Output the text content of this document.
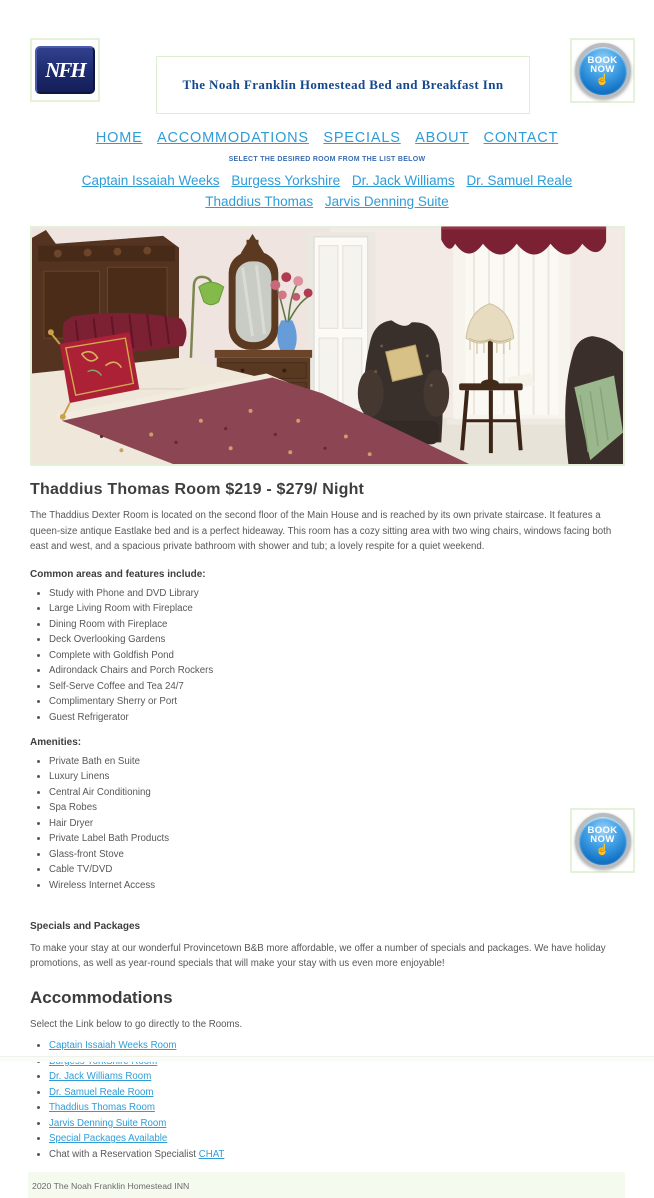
NFH
The Noah Franklin Homestead Bed and Breakfast Inn
BOOK
NOW
☝
HOME ACCOMMODATIONS SPECIALS ABOUT CONTACT
SELECT THE DESIRED ROOM FROM THE LIST BELOW
Captain Issaiah Weeks Burgess Yorkshire Dr. Jack Williams Dr. Samuel Reale Thaddius Thomas Jarvis Denning Suite
Thaddius Thomas Room $219 - $279/ Night

The Thaddius Dexter Room is located on the second floor of the Main House and is reached by its own private staircase. It features a queen-size antique Eastlake bed and is a perfect hideaway. This room has a cozy sitting area with two wing chairs, windows facing both east and west, and a spacious private bathroom with shower and tub; a lovely respite for a quiet weekend.

Common areas and features include:
• Study with Phone and DVD Library
• Large Living Room with Fireplace
• Dining Room with Fireplace
• Deck Overlooking Gardens
• Complete with Goldfish Pond
• Adirondack Chairs and Porch Rockers
• Self-Serve Coffee and Tea 24/7
• Complimentary Sherry or Port
• Guest Refrigerator
Amenities:
• Private Bath en Suite
• Luxury Linens
• Central Air Conditioning
• Spa Robes
• Hair Dryer
• Private Label Bath Products
• Glass-front Stove
• Cable TV/DVD
• Wireless Internet Access
Specials and Packages

To make your stay at our wonderful Provincetown B&B more affordable, we offer a number of specials and packages. We have holiday promotions, as well as year-round specials that will make your stay with us even more enjoyable!

Accommodations

Select the Link below to go directly to the Rooms.

• Captain Issaiah Weeks Room
•
• Dr. Jack Williams Room
• Dr. Samuel Reale Room
• Thaddius Thomas Room
• Jarvis Denning Suite Room
• Special Packages Available
• Chat with a Reservation Specialist CHAT
BOOK
NOW
☝
2020 The Noah Franklin Homestead INN
